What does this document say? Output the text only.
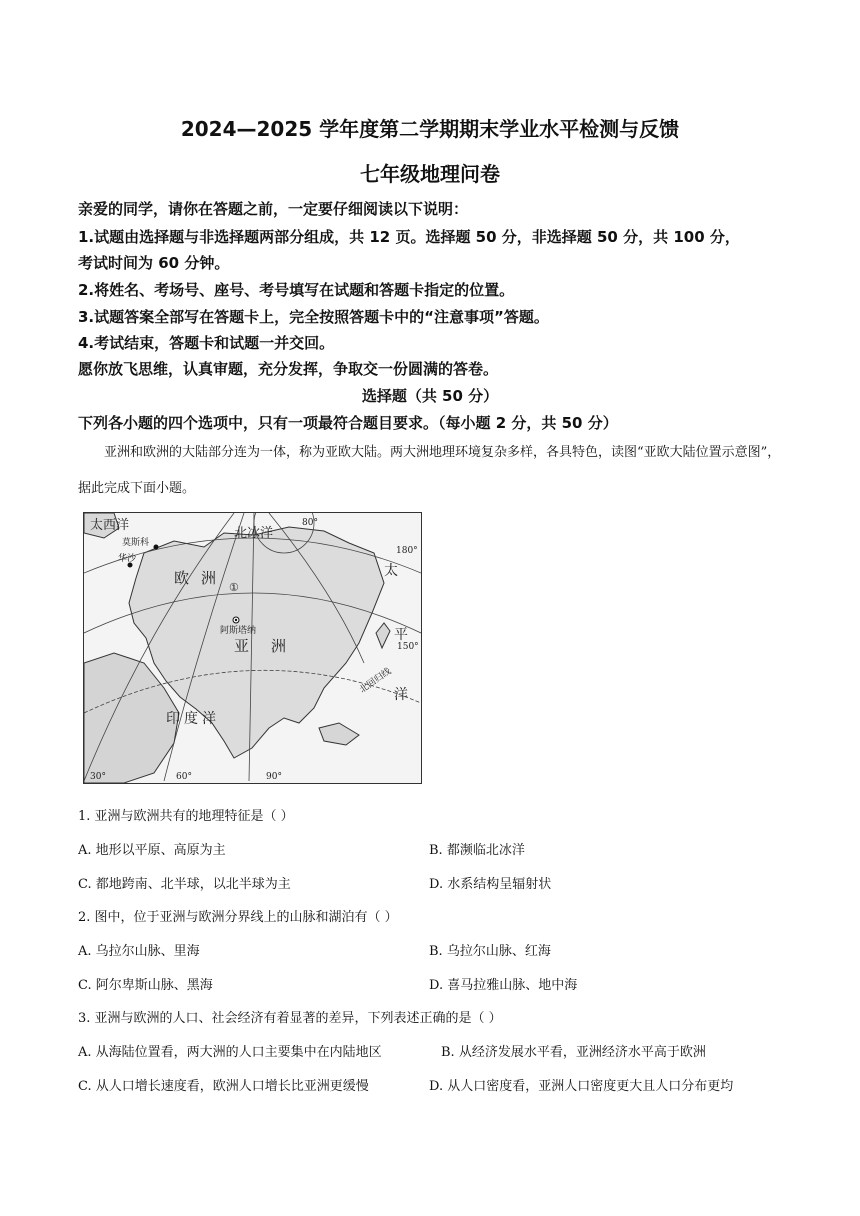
2024—2025 学年度第二学期期末学业水平检测与反馈
七年级地理问卷
亲爱的同学，请你在答题之前，一定要仔细阅读以下说明：
1.试题由选择题与非选择题两部分组成，共 12 页。选择题 50 分，非选择题 50 分，共 100 分，
考试时间为 60 分钟。
2.将姓名、考场号、座号、考号填写在试题和答题卡指定的位置。
3.试题答案全部写在答题卡上，完全按照答题卡中的“注意事项”答题。
4.考试结束，答题卡和试题一并交回。
愿你放飞思维，认真审题，充分发挥，争取交一份圆满的答卷。
选择题（共 50 分）
下列各小题的四个选项中，只有一项最符合题目要求。（每小题 2 分，共 50 分）
亚洲和欧洲的大陆部分连为一体，称为亚欧大陆。两大洲地理环境复杂多样，各具特色，读图“亚欧大陆位置示意图”，据此完成下面小题。
太西洋
北冰洋
欧洲
①
亚洲
印度洋
太
平
洋
莫斯科
华沙
阿斯塔纳
北回归线
30°	60°	90°
150°
180°
80°
1. 亚洲与欧洲共有的地理特征是（ ）
A. 地形以平原、高原为主	B. 都濒临北冰洋
C. 都地跨南、北半球，以北半球为主	D. 水系结构呈辐射状
2. 图中，位于亚洲与欧洲分界线上的山脉和湖泊有（ ）
A. 乌拉尔山脉、里海	B. 乌拉尔山脉、红海
C. 阿尔卑斯山脉、黑海	D. 喜马拉雅山脉、地中海
3. 亚洲与欧洲的人口、社会经济有着显著的差异，下列表述正确的是（ ）
A. 从海陆位置看，两大洲的人口主要集中在内陆地区	B. 从经济发展水平看，亚洲经济水平高于欧洲
C. 从人口增长速度看，欧洲人口增长比亚洲更缓慢	D. 从人口密度看，亚洲人口密度更大且人口分布更均
